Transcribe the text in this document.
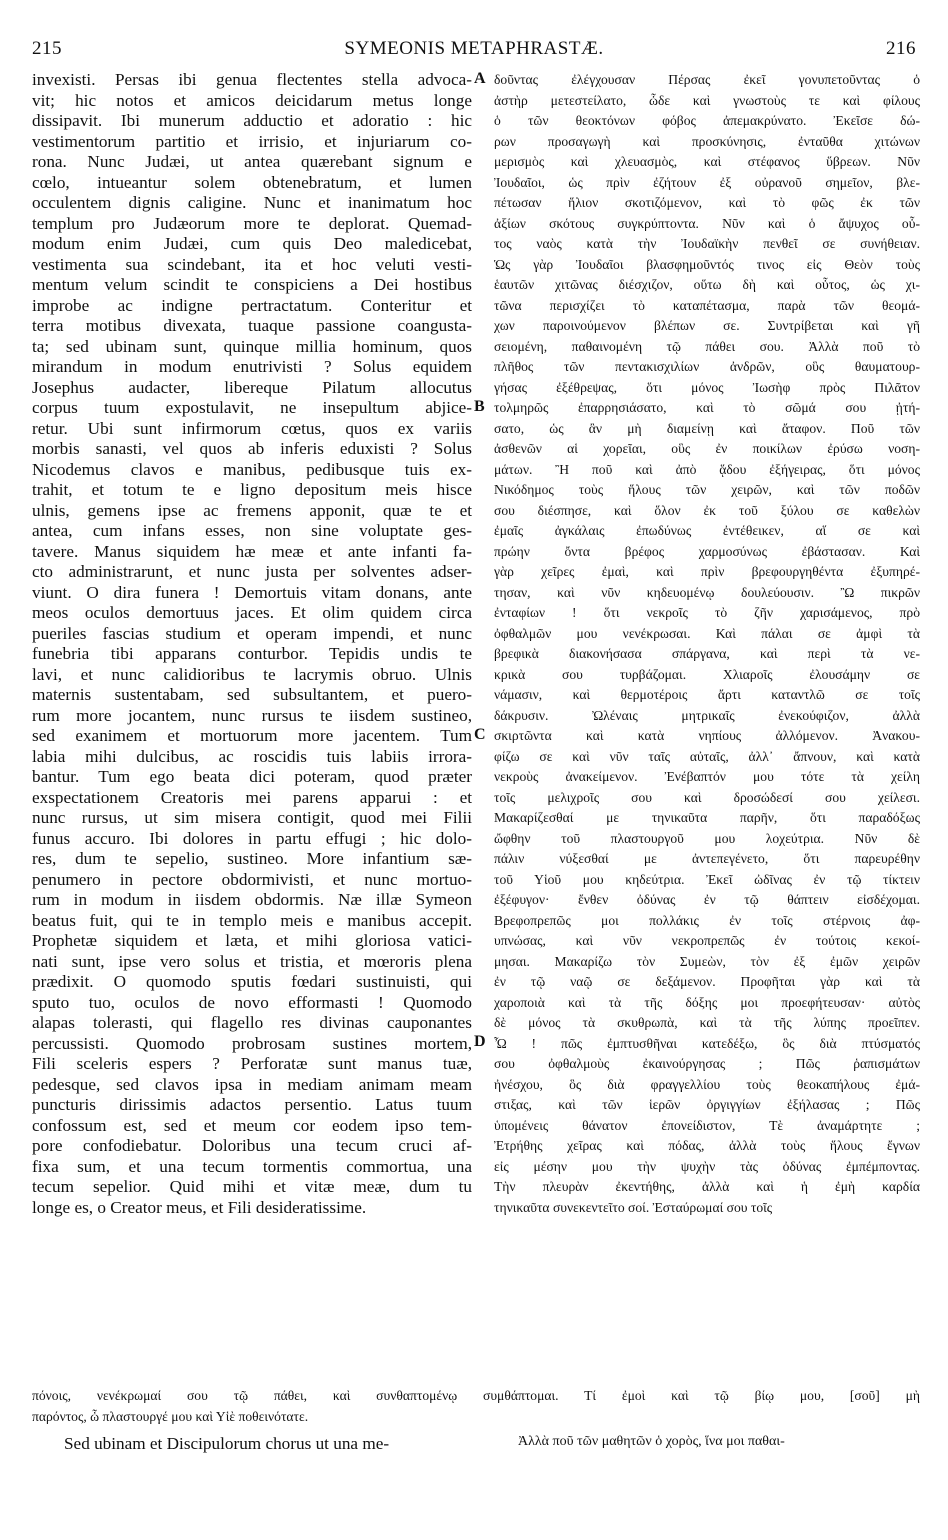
215	SYMEONIS METAPHRASTÆ.	216
invexisti. Persas ibi genua flectentes stella advoca-
vit; hic notos et amicos deicidarum metus longe
dissipavit. Ibi munerum adductio et adoratio : hic
vestimentorum partitio et irrisio, et injuriarum co-
rona. Nunc Judæi, ut antea quærebant signum e
cœlo, intueantur solem obtenebratum, et lumen
occulentem dignis caligine. Nunc et inanimatum hoc
templum pro Judæorum more te deplorat. Quemad-
modum enim Judæi, cum quis Deo maledicebat,
vestimenta sua scindebant, ita et hoc veluti vesti-
mentum velum scindit te conspiciens a Dei hostibus
improbe ac indigne pertractatum. Conteritur et
terra motibus divexata, tuaque passione coangusta-
ta; sed ubinam sunt, quinque millia hominum, quos
mirandum in modum enutrivisti ? Solus equidem
Josephus audacter, libereque Pilatum allocutus
corpus tuum expostulavit, ne insepultum abjice-
retur. Ubi sunt infirmorum cœtus, quos ex variis
morbis sanasti, vel quos ab inferis eduxisti ? Solus
Nicodemus clavos e manibus, pedibusque tuis ex-
trahit, et totum te e ligno depositum meis hisce
ulnis, gemens ipse ac fremens apponit, quæ te et
antea, cum infans esses, non sine voluptate ges-
tavere. Manus siquidem hæ meæ et ante infanti fa-
cto administrarunt, et nunc justa per solventes adser-
viunt. O dira funera ! Demortuis vitam donans, ante
meos oculos demortuus jaces. Et olim quidem circa
pueriles fascias studium et operam impendi, et nunc
funebria tibi apparans conturbor. Tepidis undis te
lavi, et nunc calidioribus te lacrymis obruo. Ulnis
maternis sustentabam, sed subsultantem, et puero-
rum more jocantem, nunc rursus te iisdem sustineo,
sed exanimem et mortuorum more jacentem. Tum
labia mihi dulcibus, ac roscidis tuis labiis irrora-
bantur. Tum ego beata dici poteram, quod præter
exspectationem Creatoris mei parens apparui : et
nunc rursus, ut sim misera contigit, quod mei Filii
funus accuro. Ibi dolores in partu effugi ; hic dolo-
res, dum te sepelio, sustineo. More infantium sæ-
penumero in pectore obdormivisti, et nunc mortuo-
rum in modum in iisdem obdormis. Næ illæ Symeon
beatus fuit, qui te in templo meis e manibus accepit.
Prophetæ siquidem et læta, et mihi gloriosa vatici-
nati sunt, ipse vero solus et tristia, et mœroris plena
prædixit. O quomodo sputis fœdari sustinuisti, qui
sputo tuo, oculos de novo efformasti ! Quomodo
alapas tolerasti, qui flagello res divinas cauponantes
percussisti. Quomodo probrosam sustines mortem,
Fili sceleris espers ? Perforatæ sunt manus tuæ,
pedesque, sed clavos ipsa in mediam animam meam
puncturis dirissimis adactos persentio. Latus tuum
confossum est, sed et meum cor eodem ipso tem-
pore confodiebatur. Doloribus una tecum cruci af-
fixa sum, et una tecum tormentis commortua, una
tecum sepelior. Quid mihi et vitæ meæ, dum tu
longe es, o Creator meus, et Fili desideratissime.
δοῦντας ἐλέγχουσαν Πέρσας ἐκεῖ γονυπετοῦντας ὁ
ἀστὴρ μετεστείλατο, ὧδε καὶ γνωστοὺς τε καὶ φίλους
ὁ τῶν θεοκτόνων φόβος ἀπεμακρύνατο. Ἐκεῖσε δώ-
ρων προσαγωγὴ καὶ προσκύνησις, ἐνταῦθα χιτώνων
μερισμὸς καὶ χλευασμὸς, καὶ στέφανος ὕβρεων. Νῦν
Ἰουδαῖοι, ὡς πρὶν ἐζήτουν ἐξ οὐρανοῦ σημεῖον, βλε-
πέτωσαν ἥλιον σκοτιζόμενον, καὶ τὸ φῶς ἐκ τῶν
ἀξίων σκότους συγκρύπτοντα. Νῦν καὶ ὁ ἄψυχος οὗ-
τος ναὸς κατὰ τὴν Ἰουδαϊκὴν πενθεῖ σε συνήθειαν.
Ὡς γὰρ Ἰουδαῖοι βλασφημοῦντός τινος εἰς Θεὸν τοὺς
ἑαυτῶν χιτῶνας διέσχιζον, οὕτω δὴ καὶ οὗτος, ὡς χι-
τῶνα περισχίζει τὸ καταπέτασμα, παρὰ τῶν θεομά-
χων παροινούμενον βλέπων σε. Συντρίβεται καὶ γῆ
σειομένη, παθαινομένη τῷ πάθει σου. Ἀλλὰ ποῦ τὸ
πλῆθος τῶν πεντακισχιλίων ἀνδρῶν, οὓς θαυματουρ-
γήσας ἐξέθρεψας, ὅτι μόνος Ἰωσὴφ πρὸς Πιλᾶτον
τολμηρῶς ἐπαρρησιάσατο, καὶ τὸ σῶμά σου ᾐτή-
σατο, ὡς ἂν μὴ διαμείνῃ καὶ ἄταφον. Ποῦ τῶν
ἀσθενῶν αἱ χορεῖαι, οὓς ἐν ποικίλων ἐρύσω νοση-
μάτων. Ἢ ποῦ καὶ ἀπὸ ᾅδου ἐξήγειρας, ὅτι μόνος
Νικόδημος τοὺς ἥλους τῶν χειρῶν, καὶ τῶν ποδῶν
σου διέσπησε, καὶ ὅλον ἐκ τοῦ ξύλου σε καθελὼν
ἐμαῖς ἀγκάλαις ἐπωδύνως ἐντέθεικεν, αἵ σε καὶ
πρώην ὄντα βρέφος χαρμοσύνως ἐβάστασαν. Καὶ
γὰρ χεῖρες ἐμαὶ, καὶ πρὶν βρεφουργηθέντα ἐξυπηρέ-
τησαν, καὶ νῦν κηδευομένῳ δουλεύουσιν. Ὢ πικρῶν
ἐνταφίων ! ὅτι νεκροῖς τὸ ζῆν χαρισάμενος, πρὸ
ὀφθαλμῶν μου νενέκρωσαι. Καὶ πάλαι σε ἀμφὶ τὰ
βρεφικὰ διακονήσασα σπάργανα, καὶ περὶ τὰ νε-
κρικὰ σου τυρβάζομαι. Χλιαροῖς ἐλουσάμην σε
νάμασιν, καὶ θερμοτέροις ἄρτι καταντλῶ σε τοῖς
δάκρυσιν. Ὠλέναις μητρικαῖς ἐνεκούφιζον, ἀλλὰ
σκιρτῶντα καὶ κατὰ νηπίους ἀλλόμενον. Ἀνακου-
φίζω σε καὶ νῦν ταῖς αὐταῖς, ἀλλ᾽ ἄπνουν, καὶ κατὰ
νεκροὺς ἀνακείμενον. Ἐνέβαπτόν μου τότε τὰ χείλη
τοῖς μελιχροῖς σου καὶ δροσώδεσί σου χείλεσι.
Μακαρίζεσθαί με τηνικαῦτα παρῆν, ὅτι παραδόξως
ὤφθην τοῦ πλαστουργοῦ μου λοχεύτρια. Νῦν δὲ
πάλιν νύξεσθαί με ἀντεπεγένετο, ὅτι παρευρέθην
τοῦ Υἱοῦ μου κηδεύτρια. Ἐκεῖ ὠδῖνας ἐν τῷ τίκτειν
ἐξέφυγον· ἔνθεν ὀδύνας ἐν τῷ θάπτειν εἰσδέχομαι.
Βρεφοπρεπῶς μοι πολλάκις ἐν τοῖς στέρνοις ἀφ-
υπνώσας, καὶ νῦν νεκροπρεπῶς ἐν τούτοις κεκοί-
μησαι. Μακαρίζω τὸν Συμεὼν, τὸν ἐξ ἐμῶν χειρῶν
ἐν τῷ ναῷ σε δεξάμενον. Προφῆται γὰρ καὶ τὰ
χαροποιὰ καὶ τὰ τῆς δόξης μοι προεφήτευσαν· αὐτὸς
δὲ μόνος τὰ σκυθρωπὰ, καὶ τὰ τῆς λύπης προεῖπεν.
Ὦ ! πῶς ἐμπτυσθῆναι κατεδέξω, ὃς διὰ πτύσματός
σου ὀφθαλμοὺς ἐκαινούργησας ; Πῶς ῥαπισμάτων
ἠνέσχου, ὃς διὰ φραγγελλίου τοὺς θεοκαπήλους ἐμά-
στιξας, καὶ τῶν ἱερῶν ὀργιγγίων ἐξήλασας ; Πῶς
ὑπομένεις θάνατον ἐπονείδιστον, Τὲ ἀναμάρτητε ;
Ἐτρήθης χεῖρας καὶ πόδας, ἀλλὰ τοὺς ἥλους ἔγνων
εἰς μέσην μου τὴν ψυχὴν τὰς ὀδύνας ἐμπέμποντας.
Τὴν πλευρὰν ἐκεντήθης, ἀλλὰ καὶ ἡ ἐμὴ καρδία
τηνικαῦτα συνεκεντεῖτο σοί. Ἐσταύρωμαί σου τοῖς
A
B
C
D
πόνοις, νενέκρωμαί σου τῷ πάθει, καὶ συνθαπτομένῳ συμθάπτομαι. Τί ἐμοὶ καὶ τῷ βίῳ μου, [σοῦ] μὴ
παρόντος, ὦ πλαστουργέ μου καὶ Υἱὲ ποθεινότατε.
Sed ubinam et Discipulorum chorus ut una me-	Ἀλλὰ ποῦ τῶν μαθητῶν ὁ χορὸς, ἵνα μοι παθαι-
